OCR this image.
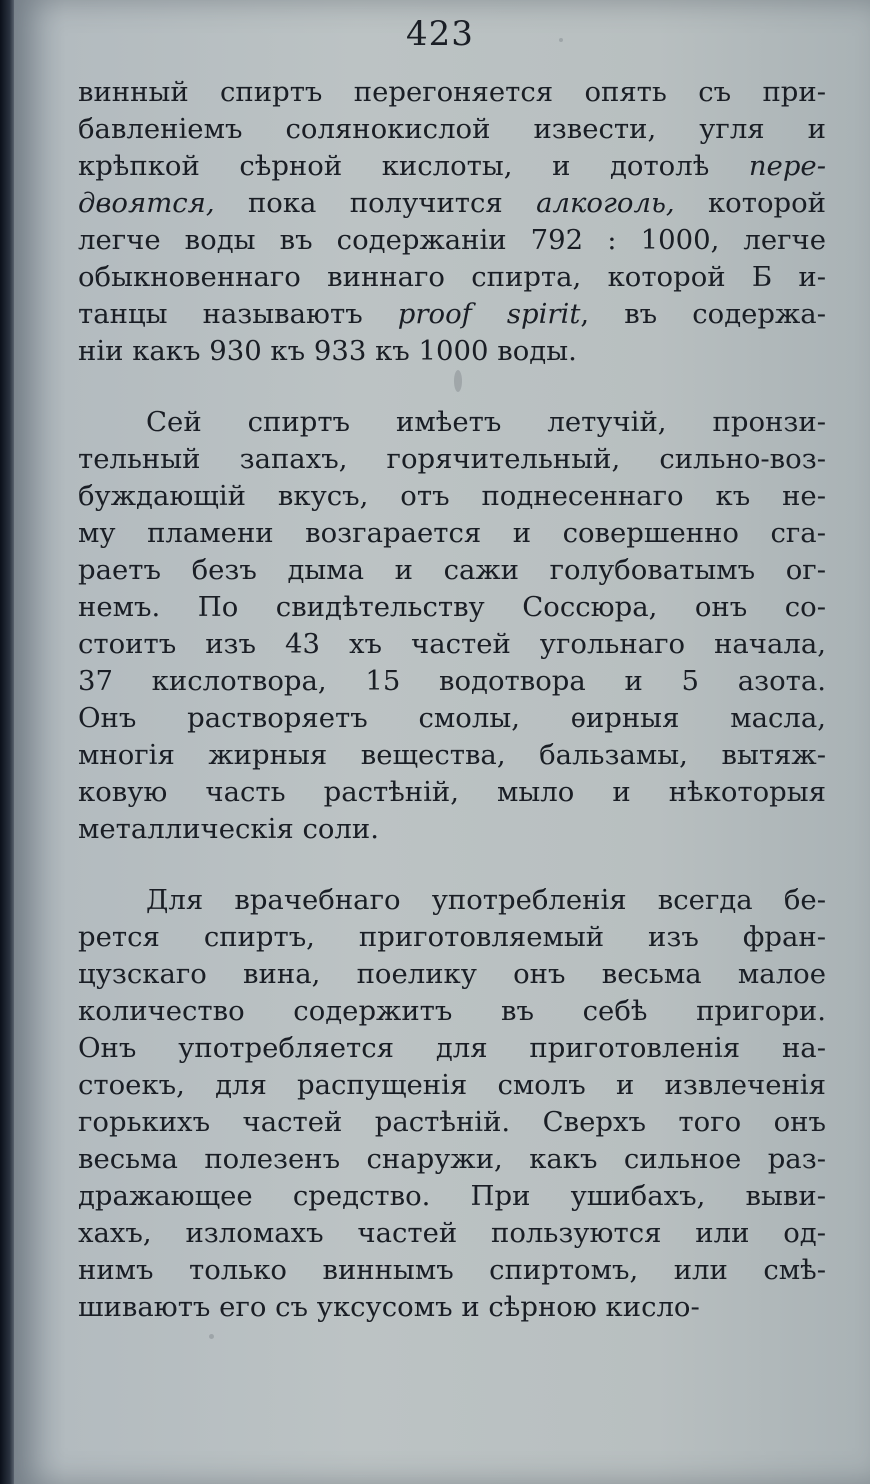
423
винный спиртъ перегоняется опять съ при-
бавленіемъ солянокислой извести, угля и
крѣпкой сѣрной кислоты, и дотолѣ пере-
двоятся, пока получится алкоголь, которой
легче воды въ содержаніи 792 : 1000, легче
обыкновеннаго виннаго спирта, которой Б и-
танцы называютъ proof spirit, въ содержа-
ніи какъ 930 къ 933 къ 1000 воды.
Сей спиртъ имѣетъ летучій, пронзи-
тельный запахъ, горячительный, сильно-воз-
буждающій вкусъ, отъ поднесеннаго къ не-
му пламени возгарается и совершенно сга-
раетъ безъ дыма и сажи голубоватымъ ог-
немъ. По свидѣтельству Соссюра, онъ со-
стоитъ изъ 43 хъ частей угольнаго начала,
37 кислотвора, 15 водотвора и 5 азота.
Онъ растворяетъ смолы, ѳирныя масла,
многія жирныя вещества, бальзамы, вытяж-
ковую часть растѣній, мыло и нѣкоторыя
металлическія соли.
Для врачебнаго употребленія всегда бе-
рется спиртъ, приготовляемый изъ фран-
цузскаго вина, поелику онъ весьма малое
количество содержитъ въ себѣ пригори.
Онъ употребляется для приготовленія на-
стоекъ, для распущенія смолъ и извлеченія
горькихъ частей растѣній. Сверхъ того онъ
весьма полезенъ снаружи, какъ сильное раз-
дражающее средство. При ушибахъ, выви-
хахъ, изломахъ частей пользуются или од-
нимъ только виннымъ спиртомъ, или смѣ-
шиваютъ его съ уксусомъ и сѣрною кисло-
